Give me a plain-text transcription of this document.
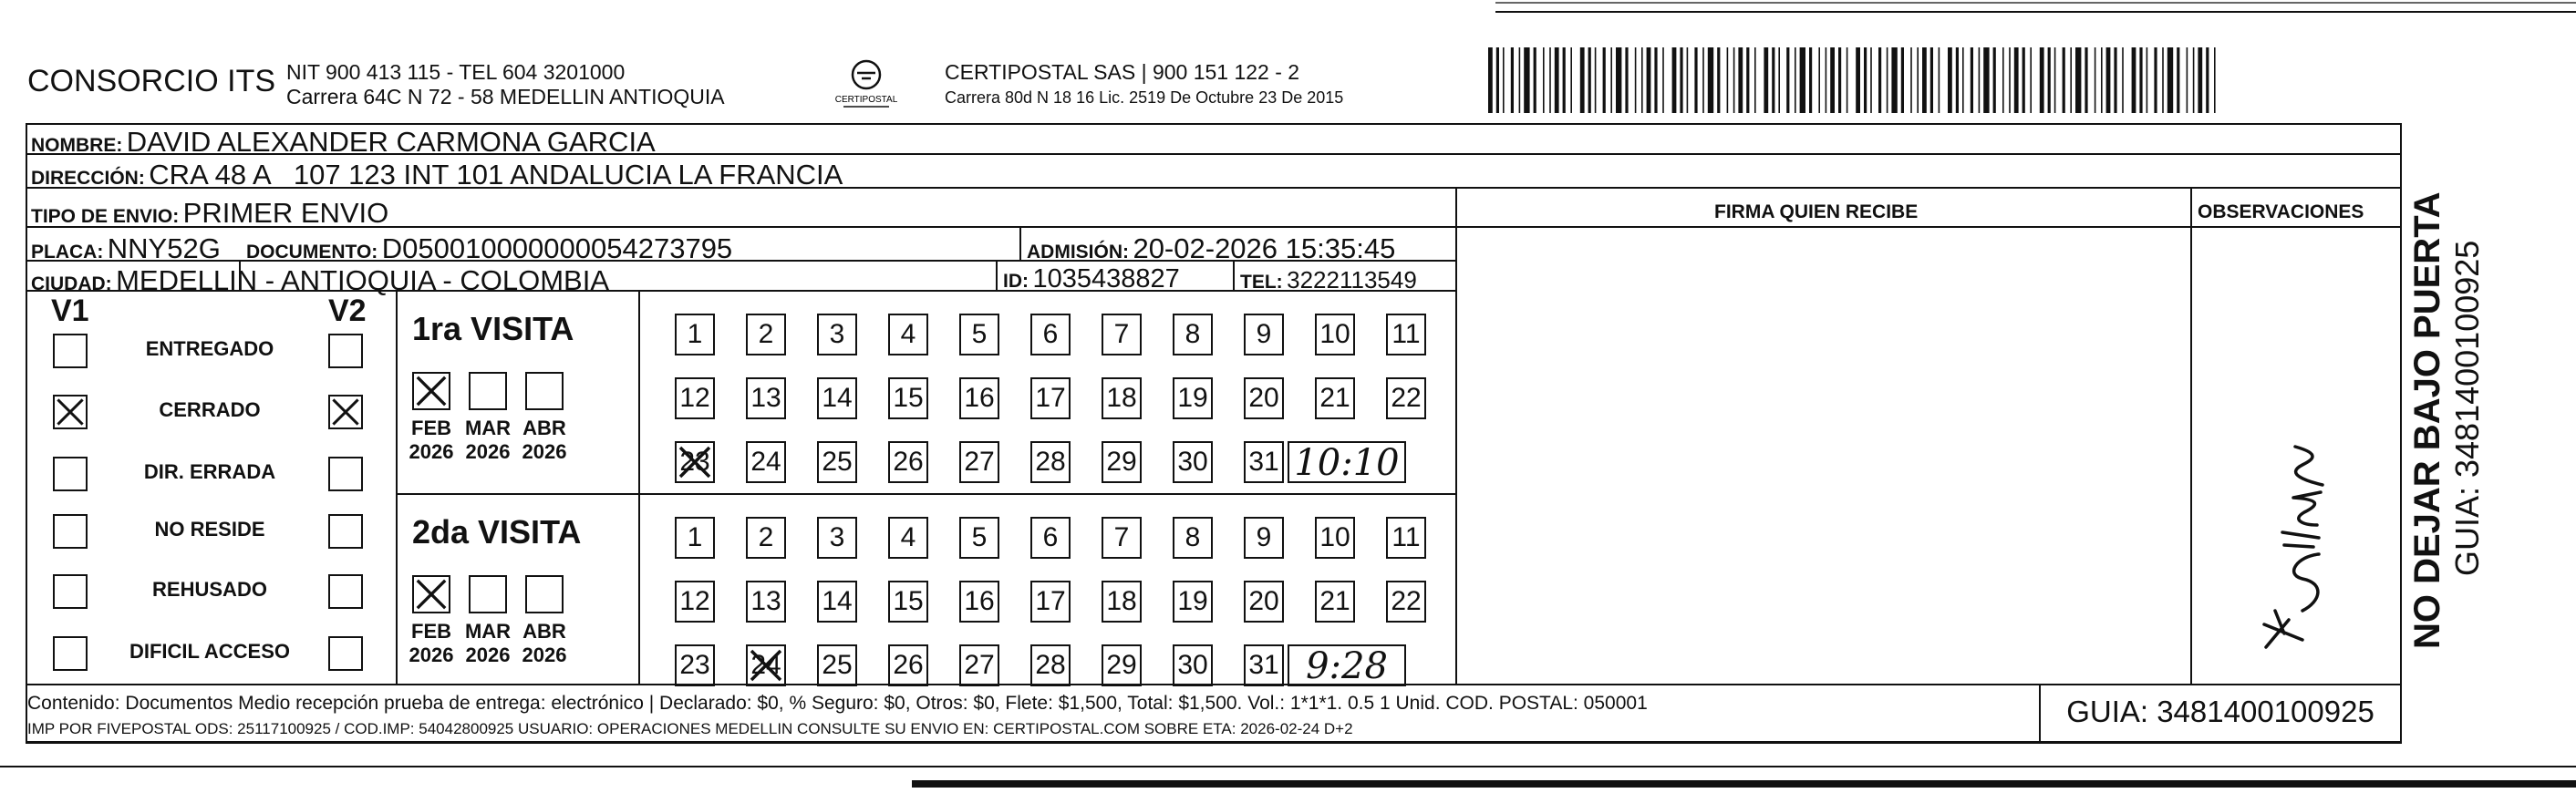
CONSORCIO ITS NIT 900 413 115 - TEL 604 3201000
Carrera 64C N 72 - 58 MEDELLIN ANTIOQUIA	CERTIPOSTAL
CERTIPOSTAL SAS | 900 151 122 - 2
Carrera 80d N 18 16 Lic. 2519 De Octubre 23 De 2015
NOMBRE: DAVID ALEXANDER CARMONA GARCIA
DIRECCIÓN: CRA 48 A   107 123 INT 101 ANDALUCIA LA FRANCIA
TIPO DE ENVIO: PRIMER ENVIO	FIRMA QUIEN RECIBE	OBSERVACIONES
PLACA: NNY52G DOCUMENTO: D050010000000054273795	ADMISIÓN: 20-02-2026 15:35:45
CIUDAD: MEDELLIN - ANTIOQUIA - COLOMBIA	ID: 1035438827	TEL: 3222113549
V1	V2
ENTREGADO
CERRADO
DIR. ERRADA
NO RESIDE
REHUSADO
DIFICIL ACCESO
1ra VISITA
FEB
2026
MAR
2026
ABR
2026
1	2	3	4	5	6	7	8	9	10 11
12 13 14 15 16 17 18 19 20 21 22
23 24 25 26 27 28 29 30 31 10:10
2da VISITA
FEB
2026
MAR
2026
ABR
2026
1	2	3	4	5	6	7	8	9	10 11
12 13 14 15 16 17 18 19 20 21 22
23 24 25 26 27 28 29 30 31 9:28
Contenido: Documentos Medio recepción prueba de entrega: electrónico | Declarado: $0, % Seguro: $0, Otros: $0, Flete: $1,500, Total: $1,500. Vol.: 1*1*1. 0.5 1 Unid. COD. POSTAL: 050001
IMP POR FIVEPOSTAL ODS: 25117100925 / COD.IMP: 54042800925 USUARIO: OPERACIONES MEDELLIN CONSULTE SU ENVIO EN: CERTIPOSTAL.COM SOBRE ETA: 2026-02-24 D+2
GUIA: 3481400100925
NO DEJAR BAJO PUERTA GUIA: 3481400100925
